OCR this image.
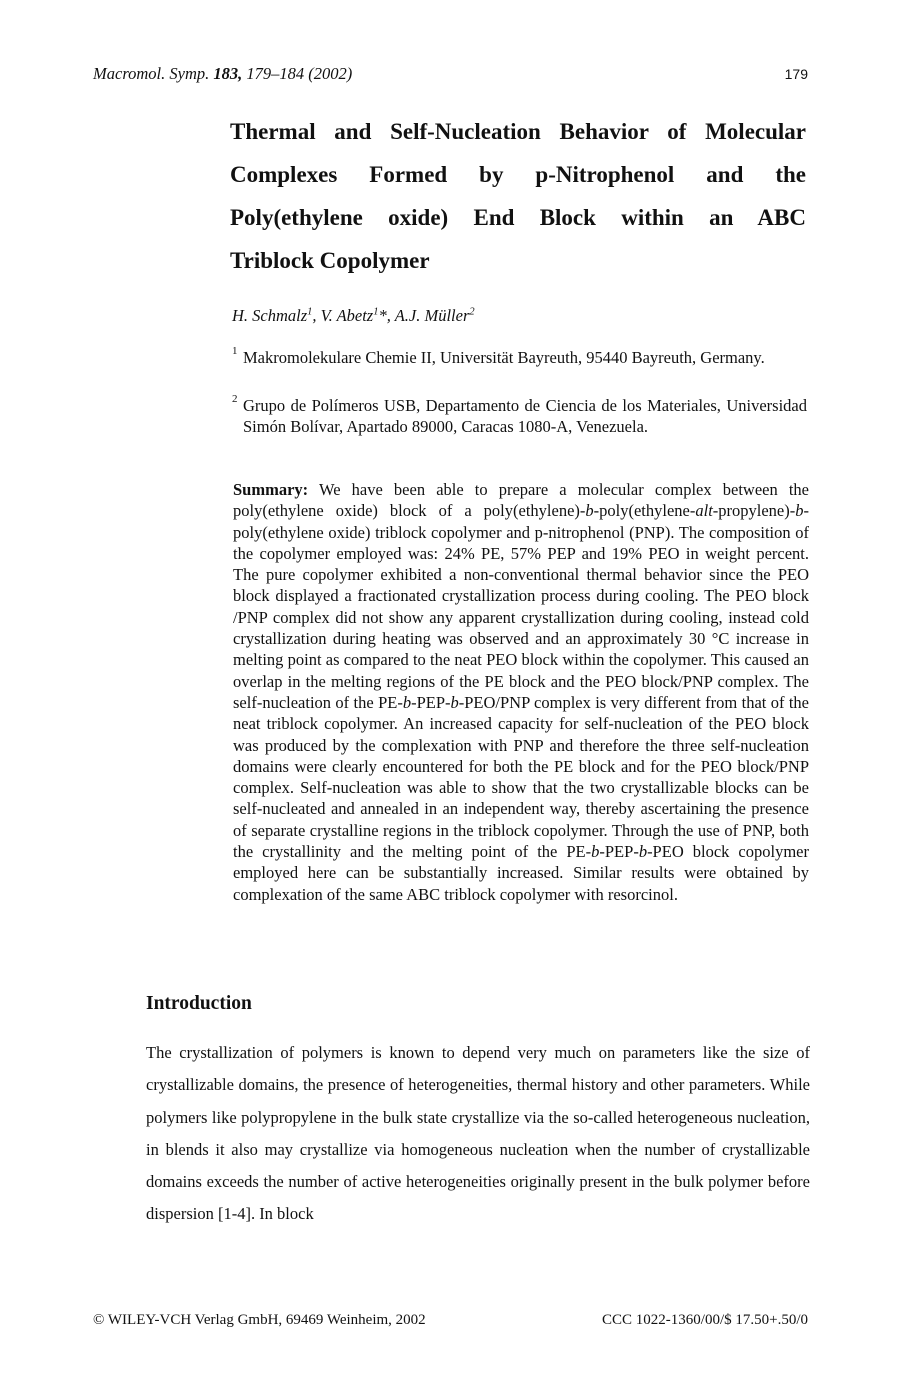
Macromol. Symp. 183, 179–184 (2002)	179
Thermal and Self-Nucleation Behavior of Molecular
Complexes Formed by p-Nitrophenol and the
Poly(ethylene oxide) End Block within an ABC
Triblock Copolymer
H. Schmalz$^1$, V. Abetz$^1$*, A.J. Müller$^2$
1 Makromolekulare Chemie II, Universität Bayreuth, 95440 Bayreuth, Germany.
2 Grupo de Polímeros USB, Departamento de Ciencia de los Materiales, Universidad Simón Bolívar, Apartado 89000, Caracas 1080-A, Venezuela.

Summary: We have been able to prepare a molecular complex between the poly(ethylene oxide) block of a poly(ethylene)-b-poly(ethylene-alt-propylene)-b-poly(ethylene oxide) triblock copolymer and p-nitrophenol (PNP). The composition of the copolymer employed was: 24% PE, 57% PEP and 19% PEO in weight percent. The pure copolymer exhibited a non-conventional thermal behavior since the PEO block displayed a fractionated crystallization process during cooling. The PEO block /PNP complex did not show any apparent crystallization during cooling, instead cold crystallization during heating was observed and an approximately 30 °C increase in melting point as compared to the neat PEO block within the copolymer. This caused an overlap in the melting regions of the PE block and the PEO block/PNP complex. The self-nucleation of the PE-b-PEP-b-PEO/PNP complex is very different from that of the neat triblock copolymer. An increased capacity for self-nucleation of the PEO block was produced by the complexation with PNP and therefore the three self-nucleation domains were clearly encountered for both the PE block and for the PEO block/PNP complex. Self-nucleation was able to show that the two crystallizable blocks can be self-nucleated and annealed in an independent way, thereby ascertaining the presence of separate crystalline regions in the triblock copolymer. Through the use of PNP, both the crystallinity and the melting point of the PE-b-PEP-b-PEO block copolymer employed here can be substantially increased. Similar results were obtained by complexation of the same ABC triblock copolymer with resorcinol.

Introduction

The crystallization of polymers is known to depend very much on parameters like the size of crystallizable domains, the presence of heterogeneities, thermal history and other parameters. While polymers like polypropylene in the bulk state crystallize via the so-called heterogeneous nucleation, in blends it also may crystallize via homogeneous nucleation when the number of crystallizable domains exceeds the number of active heterogeneities originally present in the bulk polymer before dispersion [1-4]. In block

© WILEY-VCH Verlag GmbH, 69469 Weinheim, 2002	CCC 1022-1360/00/$ 17.50+.50/0
